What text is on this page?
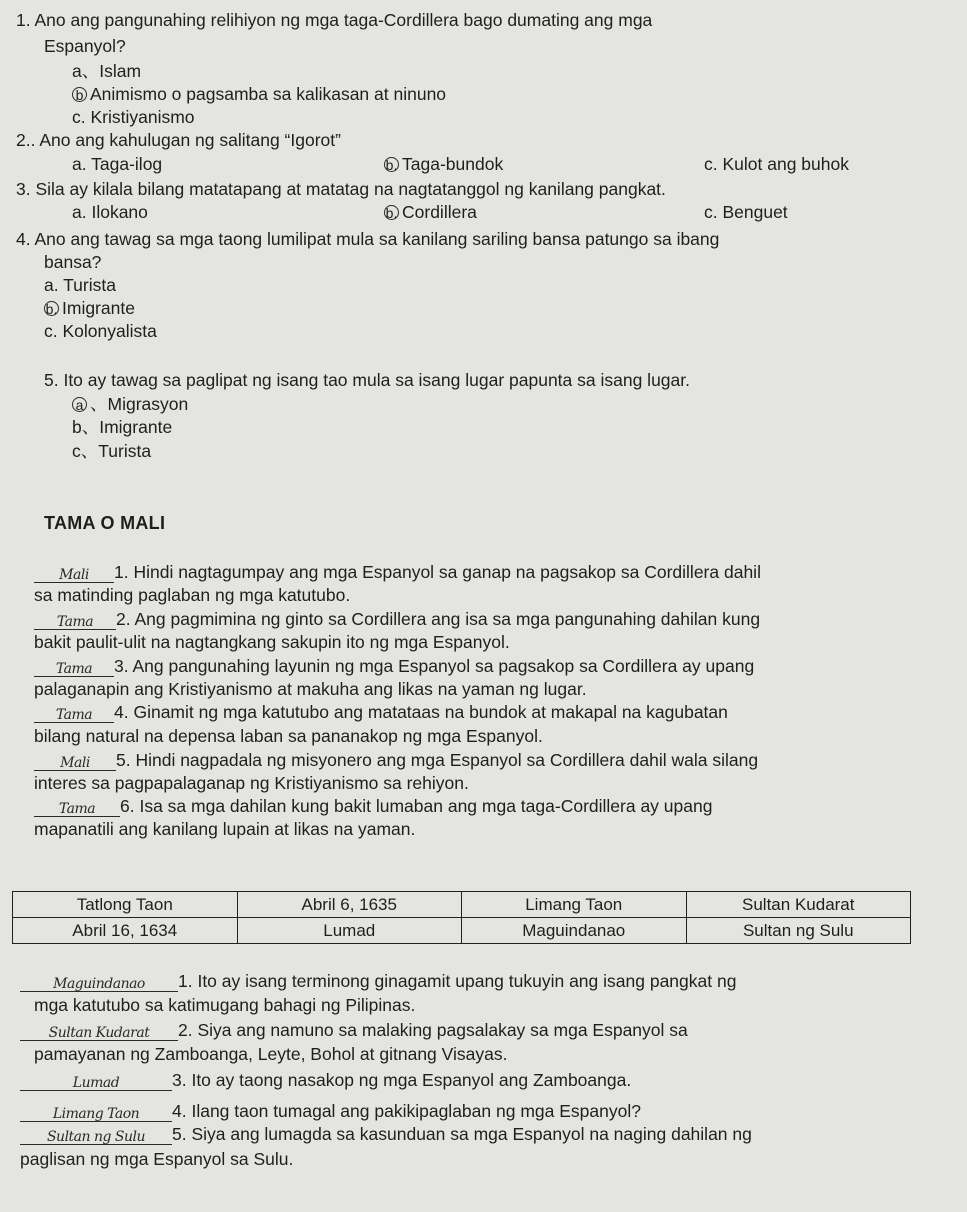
1. Ano ang pangunahing relihiyon ng mga taga-Cordillera bago dumating ang mga
Espanyol?
a、Islam
b Animismo o pagsamba sa kalikasan at ninuno
c. Kristiyanismo
2.. Ano ang kahulugan ng salitang “Igorot”
a. Taga-ilog	b. Taga-bundok	c. Kulot ang buhok
3. Sila ay kilala bilang matatapang at matatag na nagtatanggol ng kanilang pangkat.
a. Ilokano	b. Cordillera	c. Benguet
4. Ano ang tawag sa mga taong lumilipat mula sa kanilang sariling bansa patungo sa ibang
bansa?
a. Turista
b. Imigrante
c. Kolonyalista
5. Ito ay tawag sa paglipat ng isang tao mula sa isang lugar papunta sa isang lugar.
a 、Migrasyon
b、Imigrante
c、Turista
TAMA O MALI
Mali 1. Hindi nagtagumpay ang mga Espanyol sa ganap na pagsakop sa Cordillera dahil
sa matinding paglaban ng mga katutubo.
Tama 2. Ang pagmimina ng ginto sa Cordillera ang isa sa mga pangunahing dahilan kung
bakit paulit-ulit na nagtangkang sakupin ito ng mga Espanyol.
Tama 3. Ang pangunahing layunin ng mga Espanyol sa pagsakop sa Cordillera ay upang
palaganapin ang Kristiyanismo at makuha ang likas na yaman ng lugar.
Tama 4. Ginamit ng mga katutubo ang matataas na bundok at makapal na kagubatan
bilang natural na depensa laban sa pananakop ng mga Espanyol.
Mali 5. Hindi nagpadala ng misyonero ang mga Espanyol sa Cordillera dahil wala silang
interes sa pagpapalaganap ng Kristiyanismo sa rehiyon.
Tama 6. Isa sa mga dahilan kung bakit lumaban ang mga taga-Cordillera ay upang
mapanatili ang kanilang lupain at likas na yaman.
Tatlong Taon	Abril 6, 1635	Limang Taon	Sultan Kudarat
Abril 16, 1634	Lumad	Maguindanao	Sultan ng Sulu
Maguindanao 1. Ito ay isang terminong ginagamit upang tukuyin ang isang pangkat ng
mga katutubo sa katimugang bahagi ng Pilipinas.
Sultan Kudarat 2. Siya ang namuno sa malaking pagsalakay sa mga Espanyol sa
pamayanan ng Zamboanga, Leyte, Bohol at gitnang Visayas.
Lumad	3. Ito ay taong nasakop ng mga Espanyol ang Zamboanga.
Limang Taon 4. Ilang taon tumagal ang pakikipaglaban ng mga Espanyol?
Sultan ng Sulu 5. Siya ang lumagda sa kasunduan sa mga Espanyol na naging dahilan ng
paglisan ng mga Espanyol sa Sulu.
